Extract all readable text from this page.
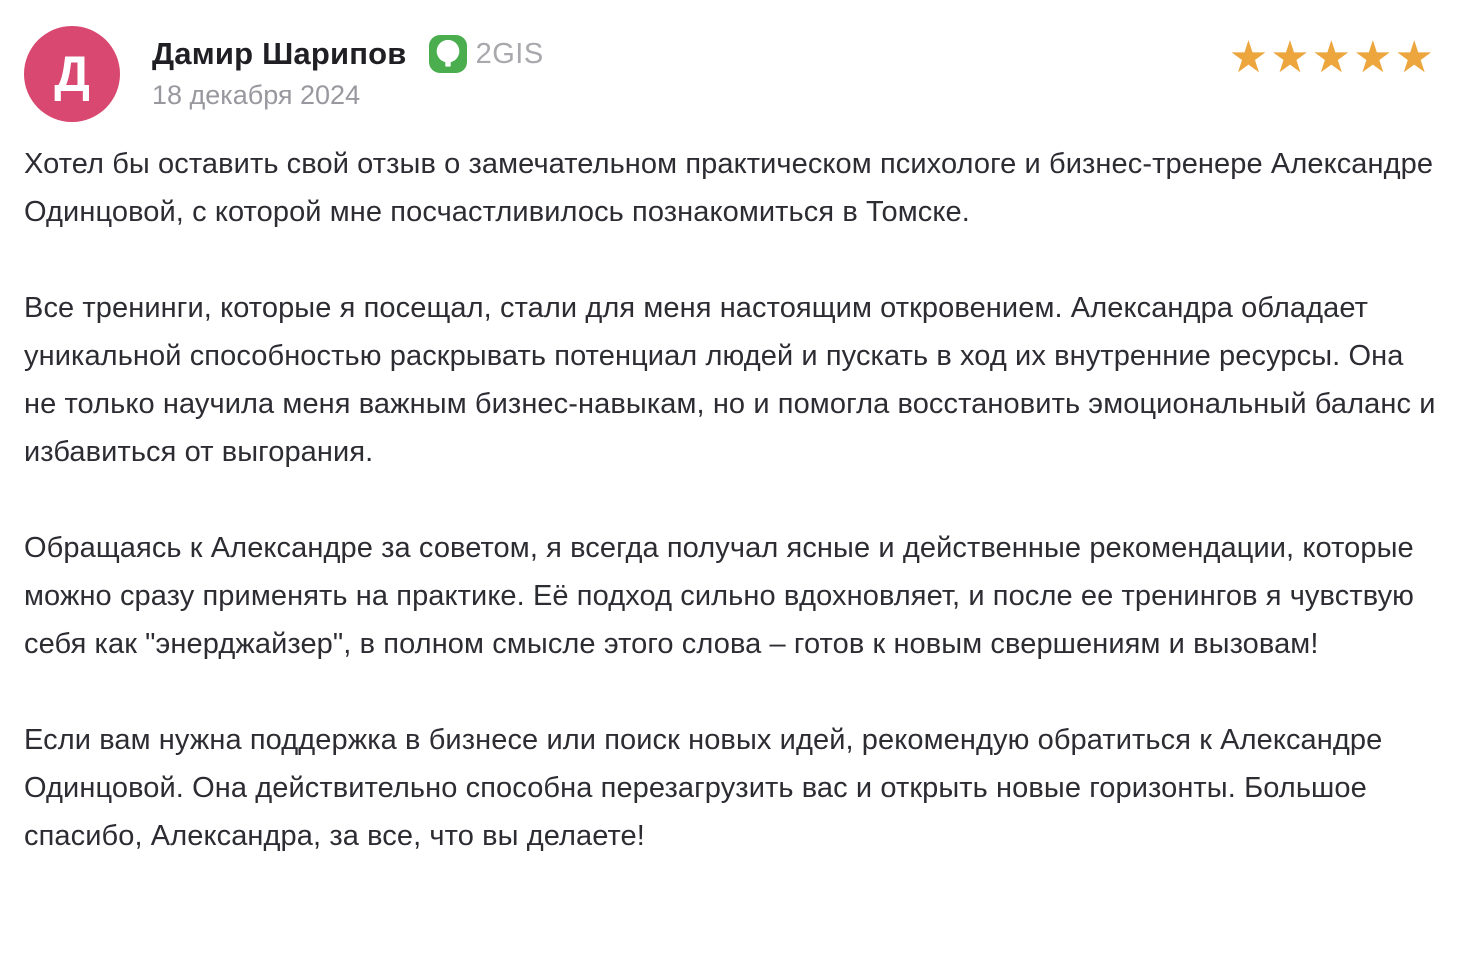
Д Дамир Шарипов 2GIS
18 декабря 2024
★★★★★

Хотел бы оставить свой отзыв о замечательном практическом психологе и бизнес-тренере Александре Одинцовой, с которой мне посчастливилось познакомиться в Томске.

Все тренинги, которые я посещал, стали для меня настоящим откровением. Александра обладает уникальной способностью раскрывать потенциал людей и пускать в ход их внутренние ресурсы. Она не только научила меня важным бизнес-навыкам, но и помогла восстановить эмоциональный баланс и избавиться от выгорания.

Обращаясь к Александре за советом, я всегда получал ясные и действенные рекомендации, которые можно сразу применять на практике. Её подход сильно вдохновляет, и после ее тренингов я чувствую себя как "энерджайзер", в полном смысле этого слова – готов к новым свершениям и вызовам!

Если вам нужна поддержка в бизнесе или поиск новых идей, рекомендую обратиться к Александре Одинцовой. Она действительно способна перезагрузить вас и открыть новые горизонты. Большое спасибо, Александра, за все, что вы делаете!
